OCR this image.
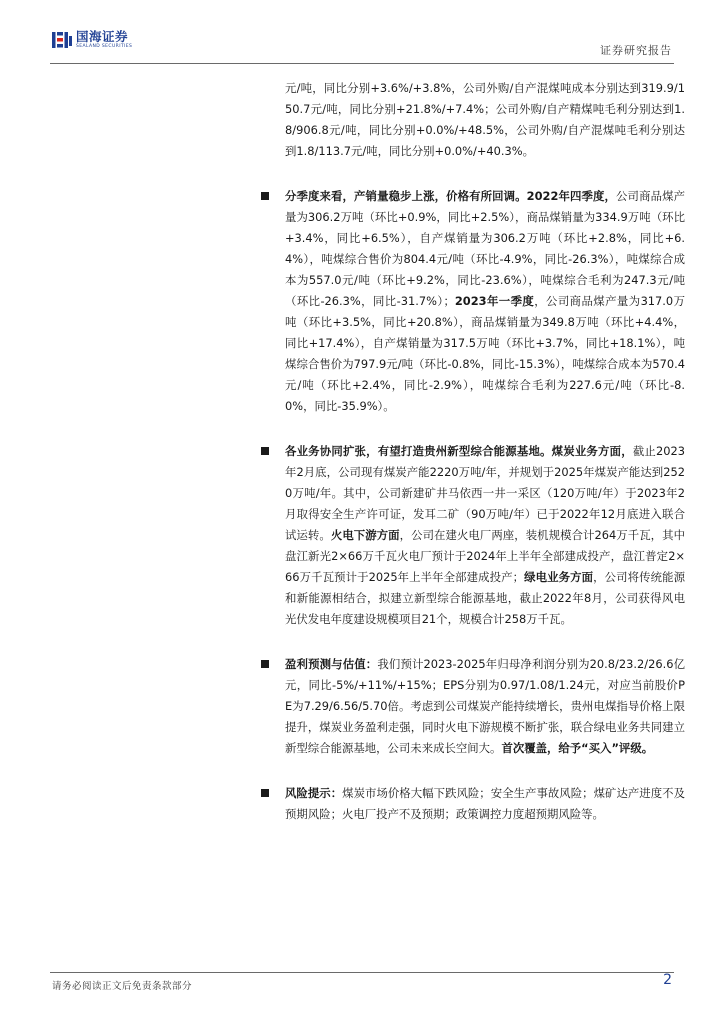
国海证券
SEALAND SECURITIES	证券研究报告
元/吨，同比分别+3.6%/+3.8%，公司外购/自产混煤吨成本分别达到319.9/150.7元/吨，同比分别+21.8%/+7.4%；公司外购/自产精煤吨毛利分别达到1.8/906.8元/吨，同比分别+0.0%/+48.5%，公司外购/自产混煤吨毛利分别达到1.8/113.7元/吨，同比分别+0.0%/+40.3%。
分季度来看，产销量稳步上涨，价格有所回调。2022年四季度，公司商品煤产量为306.2万吨（环比+0.9%，同比+2.5%），商品煤销量为334.9万吨（环比+3.4%，同比+6.5%），自产煤销量为306.2万吨（环比+2.8%，同比+6.4%），吨煤综合售价为804.4元/吨（环比-4.9%，同比-26.3%），吨煤综合成本为557.0元/吨（环比+9.2%，同比-23.6%），吨煤综合毛利为247.3元/吨（环比-26.3%，同比-31.7%）；2023年一季度，公司商品煤产量为317.0万吨（环比+3.5%，同比+20.8%），商品煤销量为349.8万吨（环比+4.4%，同比+17.4%），自产煤销量为317.5万吨（环比+3.7%，同比+18.1%），吨煤综合售价为797.9元/吨（环比-0.8%，同比-15.3%），吨煤综合成本为570.4元/吨（环比+2.4%，同比-2.9%），吨煤综合毛利为227.6元/吨（环比-8.0%，同比-35.9%）。
各业务协同扩张，有望打造贵州新型综合能源基地。煤炭业务方面，截止2023年2月底，公司现有煤炭产能2220万吨/年，并规划于2025年煤炭产能达到2520万吨/年。其中，公司新建矿井马依西一井一采区（120万吨/年）于2023年2月取得安全生产许可证，发耳二矿（90万吨/年）已于2022年12月底进入联合试运转。火电下游方面，公司在建火电厂两座，装机规模合计264万千瓦，其中盘江新光2×66万千瓦火电厂预计于2024年上半年全部建成投产，盘江普定2×66万千瓦预计于2025年上半年全部建成投产；绿电业务方面，公司将传统能源和新能源相结合，拟建立新型综合能源基地，截止2022年8月，公司获得风电光伏发电年度建设规模项目21个，规模合计258万千瓦。
盈利预测与估值：我们预计2023-2025年归母净利润分别为20.8/23.2/26.6亿元，同比-5%/+11%/+15%；EPS分别为0.97/1.08/1.24元，对应当前股价PE为7.29/6.56/5.70倍。考虑到公司煤炭产能持续增长，贵州电煤指导价格上限提升，煤炭业务盈利走强，同时火电下游规模不断扩张，联合绿电业务共同建立新型综合能源基地，公司未来成长空间大。首次覆盖，给予“买入”评级。
风险提示：煤炭市场价格大幅下跌风险；安全生产事故风险；煤矿达产进度不及预期风险；火电厂投产不及预期；政策调控力度超预期风险等。
请务必阅读正文后免责条款部分	2
